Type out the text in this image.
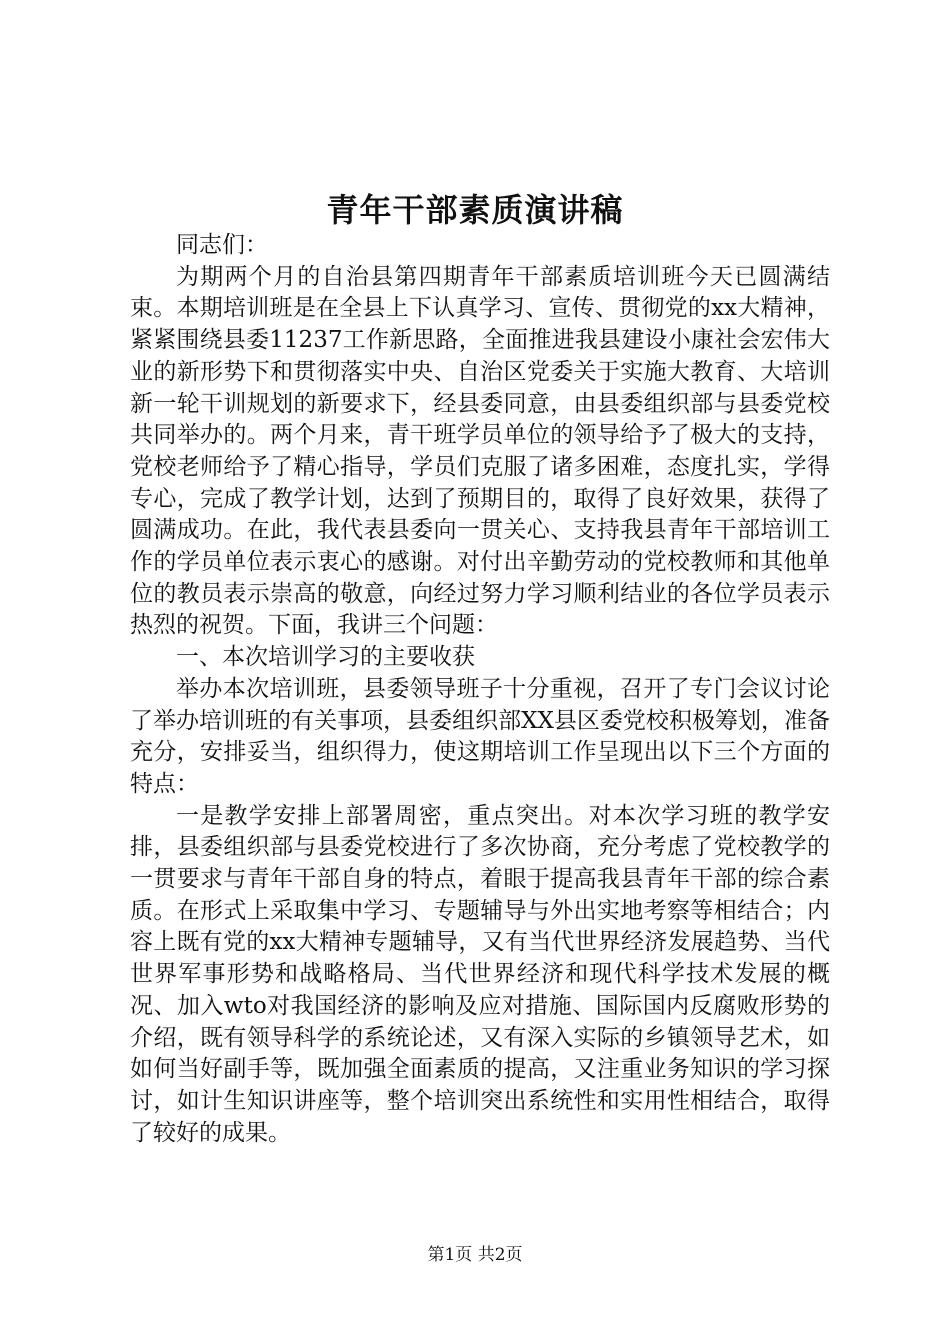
青年干部素质演讲稿

同志们：

为期两个月的自治县第四期青年干部素质培训班今天已圆满结束。本期培训班是在全县上下认真学习、宣传、贯彻党的xx大精神，紧紧围绕县委11237工作新思路，全面推进我县建设小康社会宏伟大业的新形势下和贯彻落实中央、自治区党委关于实施大教育、大培训新一轮干训规划的新要求下，经县委同意，由县委组织部与县委党校共同举办的。两个月来，青干班学员单位的领导给予了极大的支持，党校老师给予了精心指导，学员们克服了诸多困难，态度扎实，学得专心，完成了教学计划，达到了预期目的，取得了良好效果，获得了圆满成功。在此，我代表县委向一贯关心、支持我县青年干部培训工作的学员单位表示衷心的感谢。对付出辛勤劳动的党校教师和其他单位的教员表示崇高的敬意，向经过努力学习顺利结业的各位学员表示热烈的祝贺。下面，我讲三个问题：

一、本次培训学习的主要收获

举办本次培训班，县委领导班子十分重视，召开了专门会议讨论了举办培训班的有关事项，县委组织部XX县区委党校积极筹划，准备充分，安排妥当，组织得力，使这期培训工作呈现出以下三个方面的特点：

一是教学安排上部署周密，重点突出。对本次学习班的教学安排，县委组织部与县委党校进行了多次协商，充分考虑了党校教学的一贯要求与青年干部自身的特点，着眼于提高我县青年干部的综合素质。在形式上采取集中学习、专题辅导与外出实地考察等相结合；内容上既有党的xx大精神专题辅导，又有当代世界经济发展趋势、当代世界军事形势和战略格局、当代世界经济和现代科学技术发展的概况、加入wto对我国经济的影响及应对措施、国际国内反腐败形势的介绍，既有领导科学的系统论述，又有深入实际的乡镇领导艺术，如如何当好副手等，既加强全面素质的提高，又注重业务知识的学习探讨，如计生知识讲座等，整个培训突出系统性和实用性相结合，取得了较好的成果。

第1页 共2页
